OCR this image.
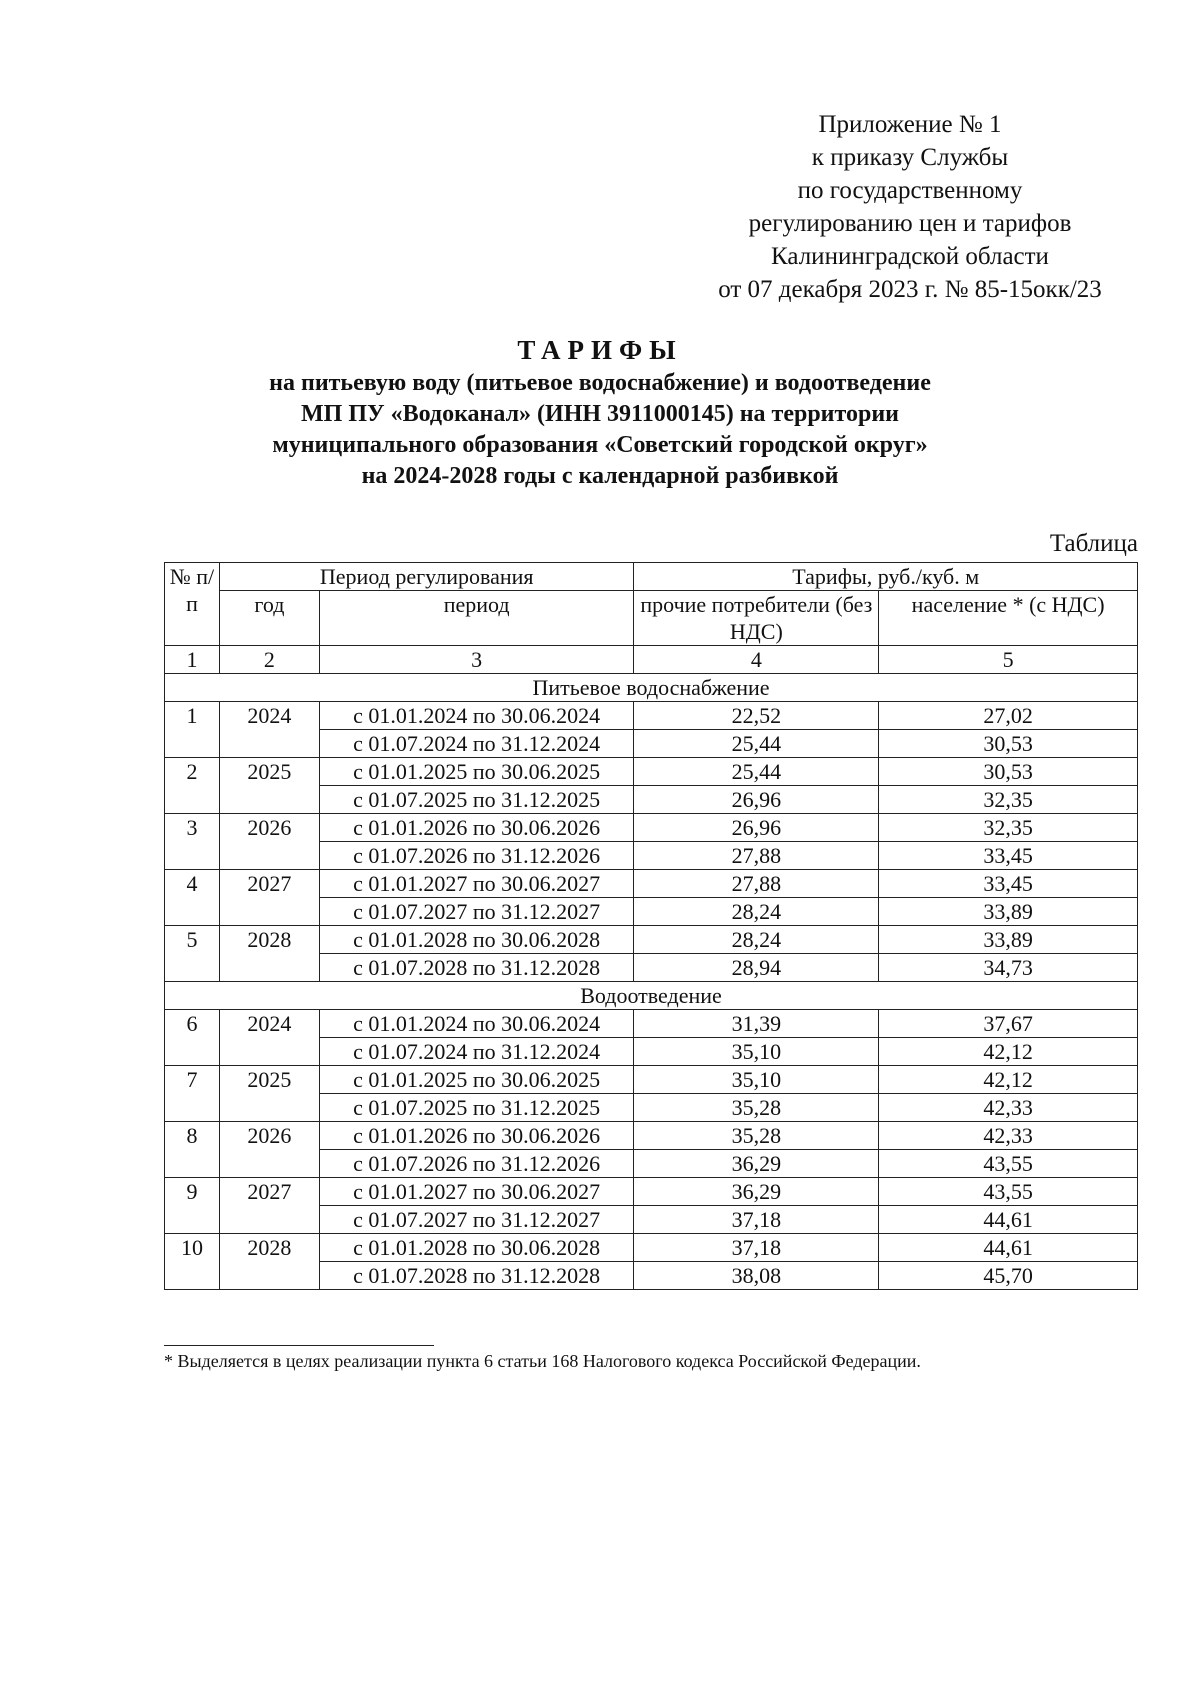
Приложение № 1
к приказу Службы
по государственному
регулированию цен и тарифов
Калининградской области
от 07 декабря 2023 г. № 85-15окк/23
ТАРИФЫ
на питьевую воду (питьевое водоснабжение) и водоотведение
МП ПУ «Водоканал» (ИНН 3911000145) на территории
муниципального образования «Советский городской округ»
на 2024-2028 годы с календарной разбивкой
Таблица
№ п/п	Период регулирования		Тарифы, руб./куб. м	
	год	период	прочие потребители (без НДС)	население * (с НДС)
1	2	3	4	5
Питьевое водоснабжение				
1	2024	с 01.01.2024 по 30.06.2024	22,52	27,02
		с 01.07.2024 по 31.12.2024	25,44	30,53
2	2025	с 01.01.2025 по 30.06.2025	25,44	30,53
		с 01.07.2025 по 31.12.2025	26,96	32,35
3	2026	с 01.01.2026 по 30.06.2026	26,96	32,35
		с 01.07.2026 по 31.12.2026	27,88	33,45
4	2027	с 01.01.2027 по 30.06.2027	27,88	33,45
		с 01.07.2027 по 31.12.2027	28,24	33,89
5	2028	с 01.01.2028 по 30.06.2028	28,24	33,89
		с 01.07.2028 по 31.12.2028	28,94	34,73
Водоотведение				
6	2024	с 01.01.2024 по 30.06.2024	31,39	37,67
		с 01.07.2024 по 31.12.2024	35,10	42,12
7	2025	с 01.01.2025 по 30.06.2025	35,10	42,12
		с 01.07.2025 по 31.12.2025	35,28	42,33
8	2026	с 01.01.2026 по 30.06.2026	35,28	42,33
		с 01.07.2026 по 31.12.2026	36,29	43,55
9	2027	с 01.01.2027 по 30.06.2027	36,29	43,55
		с 01.07.2027 по 31.12.2027	37,18	44,61
10	2028	с 01.01.2028 по 30.06.2028	37,18	44,61
		с 01.07.2028 по 31.12.2028	38,08	45,70
* Выделяется в целях реализации пункта 6 статьи 168 Налогового кодекса Российской Федерации.
